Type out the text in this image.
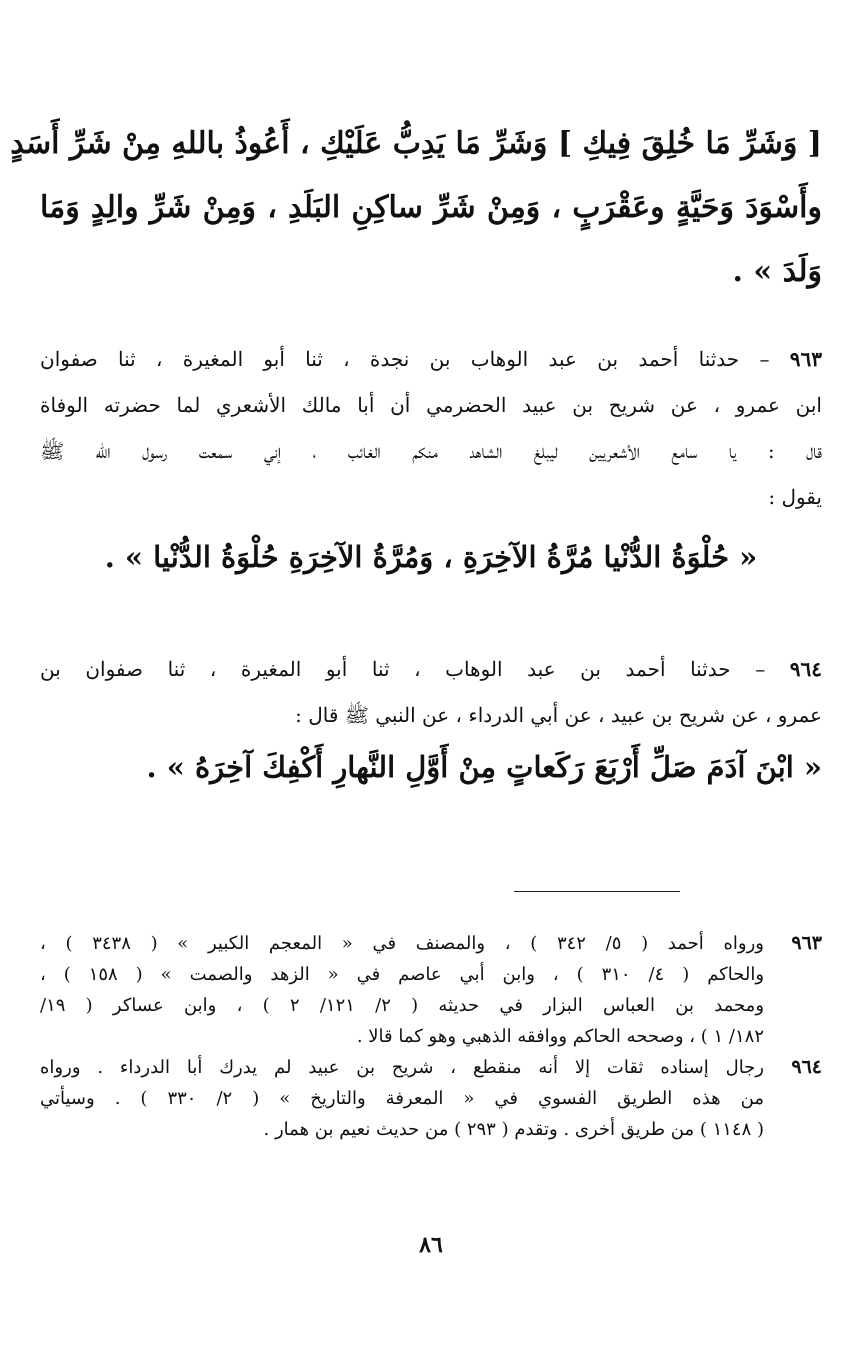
[ وَشَرِّ مَا خُلِقَ فِيكِ ] وَشَرِّ مَا يَدِبُّ عَلَيْكِ ، أَعُوذُ باللهِ مِنْ شَرِّ أَسَدٍ
وأَسْوَدَ وَحَيَّةٍ وعَقْرَبٍ ، وَمِنْ شَرِّ ساكِنِ البَلَدِ ، وَمِنْ شَرِّ والِدٍ وَمَا
وَلَدَ » .
٩٦٣ – حدثنا أحمد بن عبد الوهاب بن نجدة ، ثنا أبو المغيرة ، ثنا صفوان
ابن عمرو ، عن شريح بن عبيد الحضرمي أن أبا مالك الأشعري لما حضرته الوفاة
قال : يا سامع الأشعريين ليبلغ الشاهد منكم الغائب ، إني سمعت رسول الله ﷺ
يقول :
« حُلْوَةُ الدُّنْيا مُرَّةُ الآخِرَةِ ، وَمُرَّةُ الآخِرَةِ حُلْوَةُ الدُّنْيا » .
٩٦٤ – حدثنا أحمد بن عبد الوهاب ، ثنا أبو المغيرة ، ثنا صفوان بن
عمرو ، عن شريح بن عبيد ، عن أبي الدرداء ، عن النبي ﷺ قال :
« ابْنَ آدَمَ صَلِّ أَرْبَعَ رَكَعاتٍ مِنْ أَوَّلِ النَّهارِ أَكْفِكَ آخِرَهُ » .
٩٦٣
ورواه أحمد ( ٥/ ٣٤٢ ) ، والمصنف في « المعجم الكبير » ( ٣٤٣٨ ) ،
والحاكم ( ٤/ ٣١٠ ) ، وابن أبي عاصم في « الزهد والصمت » ( ١٥٨ ) ،
ومحمد بن العباس البزار في حديثه ( ٢/ ١٢١/ ٢ ) ، وابن عساكر ( ١٩/
١٨٢/ ١ ) ، وصححه الحاكم ووافقه الذهبي وهو كما قالا .
٩٦٤
رجال إسناده ثقات إلا أنه منقطع ، شريح بن عبيد لم يدرك أبا الدرداء . ورواه
من هذه الطريق الفسوي في « المعرفة والتاريخ » ( ٢/ ٣٣٠ ) . وسيأتي
( ١١٤٨ ) من طريق أخرى . وتقدم ( ٢٩٣ ) من حديث نعيم بن همار .
٨٦
